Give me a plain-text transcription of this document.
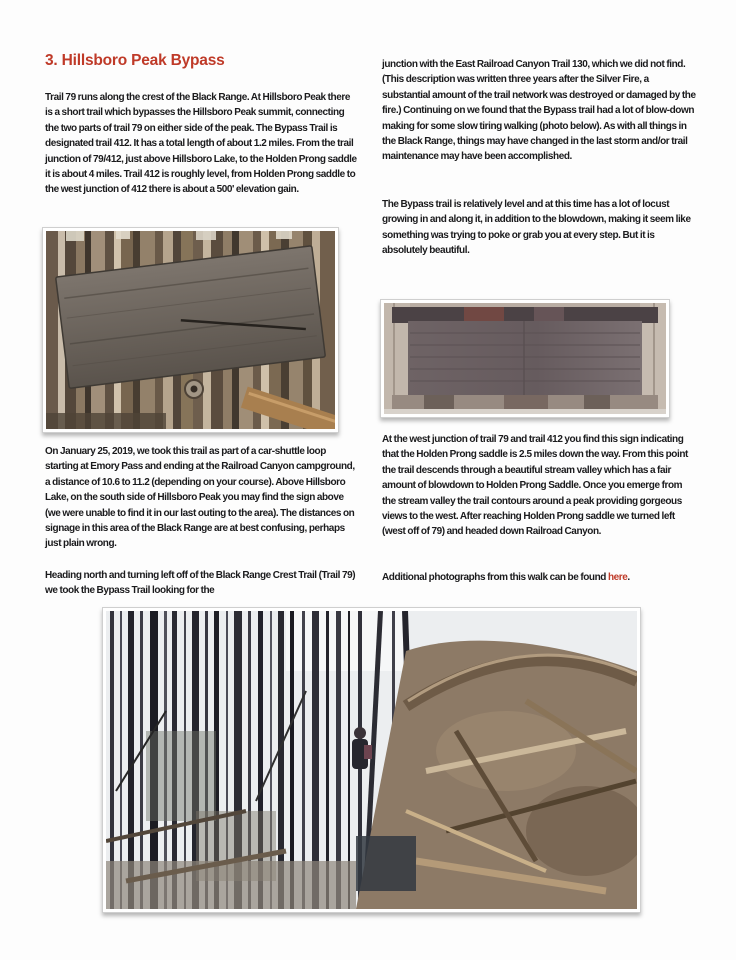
3. Hillsboro Peak Bypass

Trail 79 runs along the crest of the Black Range. At Hillsboro Peak there is a short trail which bypasses the Hillsboro Peak summit, connecting the two parts of trail 79 on either side of the peak. The Bypass Trail is designated trail 412. It has a total length of about 1.2 miles. From the trail junction of 79/412, just above Hillsboro Lake, to the Holden Prong saddle it is about 4 miles. Trail 412 is roughly level, from Holden Prong saddle to the west junction of 412 there is about a 500' elevation gain.

On January 25, 2019, we took this trail as part of a car-shuttle loop starting at Emory Pass and ending at the Railroad Canyon campground, a distance of 10.6 to 11.2 (depending on your course). Above Hillsboro Lake, on the south side of Hillsboro Peak you may find the sign above (we were unable to find it in our last outing to the area). The distances on signage in this area of the Black Range are at best confusing, perhaps just plain wrong.

Heading north and turning left off of the Black Range Crest Trail (Trail 79) we took the Bypass Trail looking for the

junction with the East Railroad Canyon Trail 130, which we did not find. (This description was written three years after the Silver Fire, a substantial amount of the trail network was destroyed or damaged by the fire.) Continuing on we found that the Bypass trail had a lot of blow-down making for some slow tiring walking (photo below). As with all things in the Black Range, things may have changed in the last storm and/or trail maintenance may have been accomplished.

The Bypass trail is relatively level and at this time has a lot of locust growing in and along it, in addition to the blowdown, making it seem like something was trying to poke or grab you at every step. But it is absolutely beautiful.

At the west junction of trail 79 and trail 412 you find this sign indicating that the Holden Prong saddle is 2.5 miles down the way. From this point the trail descends through a beautiful stream valley which has a fair amount of blowdown to Holden Prong Saddle. Once you emerge from the stream valley the trail contours around a peak providing gorgeous views to the west. After reaching Holden Prong saddle we turned left (west off of 79) and headed down Railroad Canyon.

Additional photographs from this walk can be found here.
